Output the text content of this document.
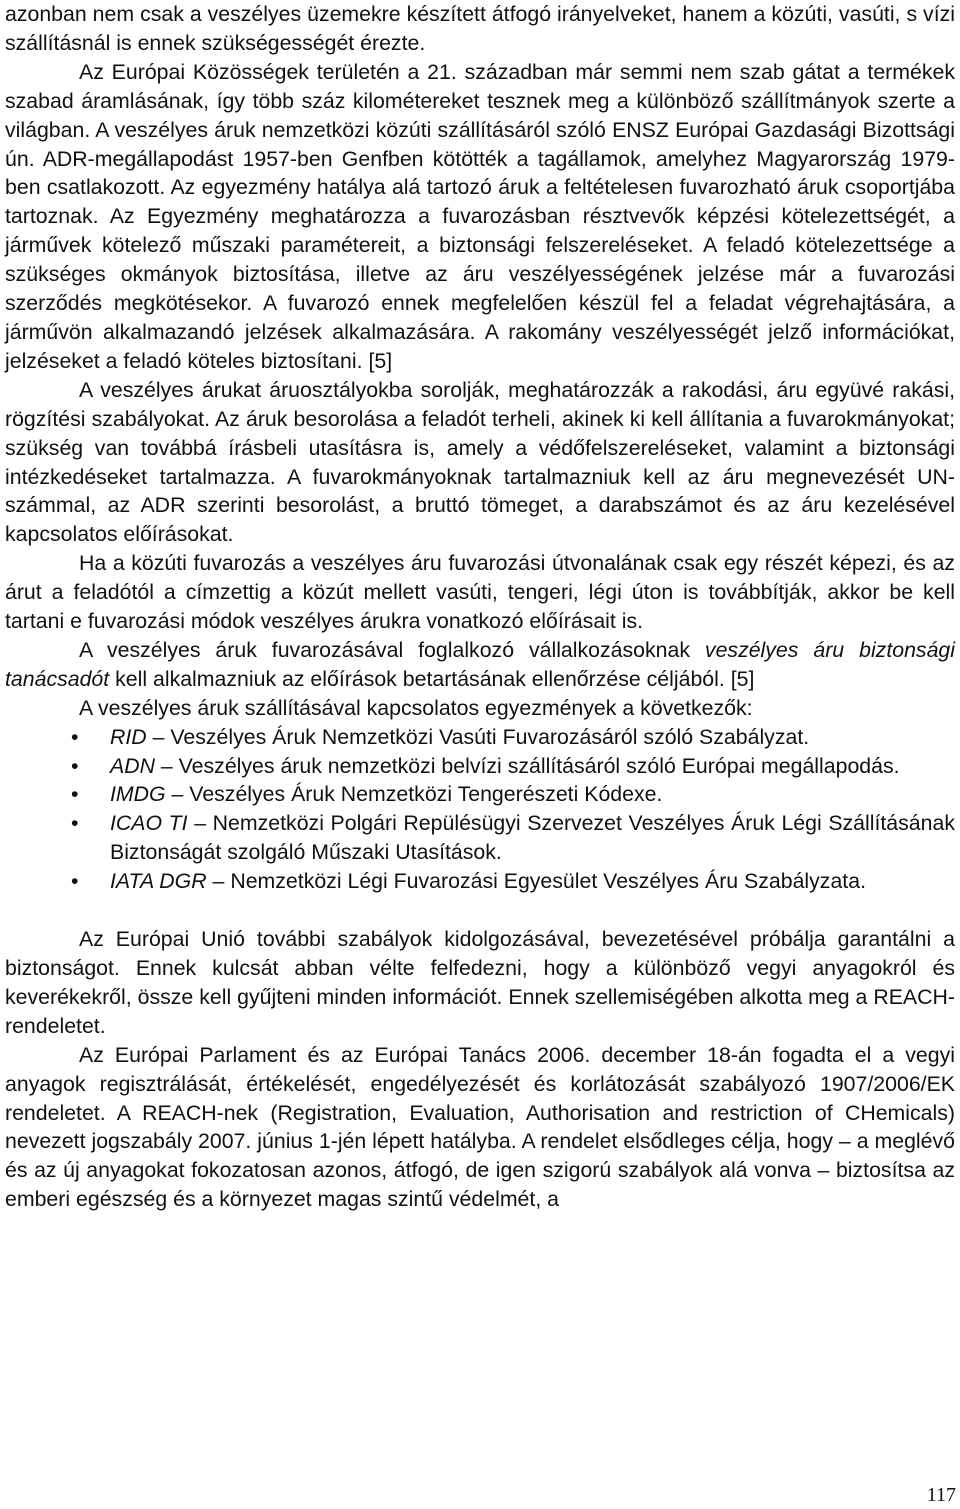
azonban nem csak a veszélyes üzemekre készített átfogó irányelveket, hanem a közúti, vasúti, s vízi szállításnál is ennek szükségességét érezte.

Az Európai Közösségek területén a 21. században már semmi nem szab gátat a termékek szabad áramlásának, így több száz kilométereket tesznek meg a különböző szállítmányok szerte a világban. A veszélyes áruk nemzetközi közúti szállításáról szóló ENSZ Európai Gazdasági Bizottsági ún. ADR-megállapodást 1957-ben Genfben kötötték a tagállamok, amelyhez Magyarország 1979-ben csatlakozott. Az egyezmény hatálya alá tartozó áruk a feltételesen fuvarozható áruk csoportjába tartoznak. Az Egyezmény meghatározza a fuvarozásban résztvevők képzési kötelezettségét, a járművek kötelező műszaki paramétereit, a biztonsági felszereléseket. A feladó kötelezettsége a szükséges okmányok biztosítása, illetve az áru veszélyességének jelzése már a fuvarozási szerződés megkötésekor. A fuvarozó ennek megfelelően készül fel a feladat végrehajtására, a járművön alkalmazandó jelzések alkalmazására. A rakomány veszélyességét jelző információkat, jelzéseket a feladó köteles biztosítani. [5]

A veszélyes árukat áruosztályokba sorolják, meghatározzák a rakodási, áru együvé rakási, rögzítési szabályokat. Az áruk besorolása a feladót terheli, akinek ki kell állítania a fuvarokmányokat; szükség van továbbá írásbeli utasításra is, amely a védőfelszereléseket, valamint a biztonsági intézkedéseket tartalmazza. A fuvarokmányoknak tartalmazniuk kell az áru megnevezését UN-számmal, az ADR szerinti besorolást, a bruttó tömeget, a darabszámot és az áru kezelésével kapcsolatos előírásokat.

Ha a közúti fuvarozás a veszélyes áru fuvarozási útvonalának csak egy részét képezi, és az árut a feladótól a címzettig a közút mellett vasúti, tengeri, légi úton is továbbítják, akkor be kell tartani e fuvarozási módok veszélyes árukra vonatkozó előírásait is.

A veszélyes áruk fuvarozásával foglalkozó vállalkozásoknak veszélyes áru biztonsági tanácsadót kell alkalmazniuk az előírások betartásának ellenőrzése céljából. [5]

A veszélyes áruk szállításával kapcsolatos egyezmények a következők:

• RID – Veszélyes Áruk Nemzetközi Vasúti Fuvarozásáról szóló Szabályzat.
• ADN – Veszélyes áruk nemzetközi belvízi szállításáról szóló Európai megállapodás.
• IMDG – Veszélyes Áruk Nemzetközi Tengerészeti Kódexe.
• ICAO TI – Nemzetközi Polgári Repülésügyi Szervezet Veszélyes Áruk Légi Szállításának Biztonságát szolgáló Műszaki Utasítások.
• IATA DGR – Nemzetközi Légi Fuvarozási Egyesület Veszélyes Áru Szabályzata.

Az Európai Unió további szabályok kidolgozásával, bevezetésével próbálja garantálni a biztonságot. Ennek kulcsát abban vélte felfedezni, hogy a különböző vegyi anyagokról és keverékekről, össze kell gyűjteni minden információt. Ennek szellemiségében alkotta meg a REACH-rendeletet.

Az Európai Parlament és az Európai Tanács 2006. december 18-án fogadta el a vegyi anyagok regisztrálását, értékelését, engedélyezését és korlátozását szabályozó 1907/2006/EK rendeletet. A REACH-nek (Registration, Evaluation, Authorisation and restriction of CHemicals) nevezett jogszabály 2007. június 1-jén lépett hatályba. A rendelet elsődleges célja, hogy – a meglévő és az új anyagokat fokozatosan azonos, átfogó, de igen szigorú szabályok alá vonva – biztosítsa az emberi egészség és a környezet magas szintű védelmét, a

117
